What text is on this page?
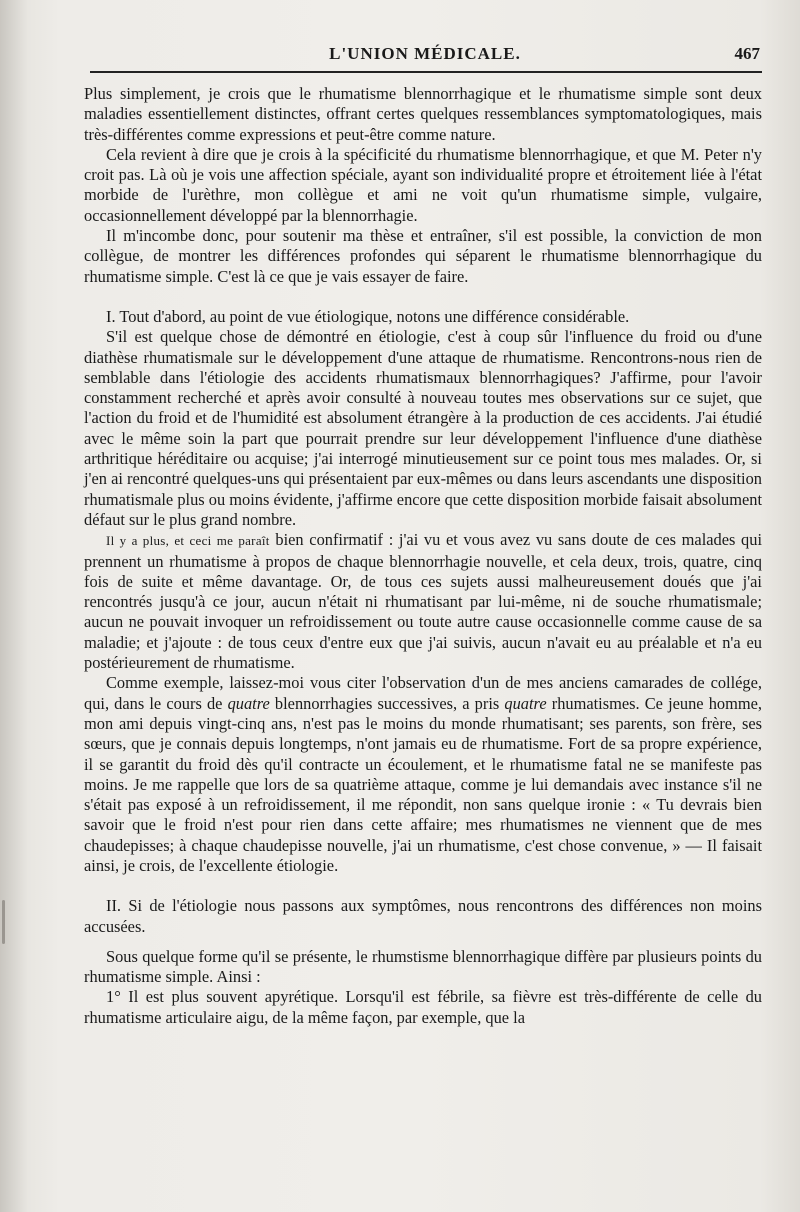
L'UNION MÉDICALE.	467

Plus simplement, je crois que le rhumatisme blennorrhagique et le rhumatisme simple sont deux maladies essentiellement distinctes, offrant certes quelques ressemblances symptomatologiques, mais très-différentes comme expressions et peut-être comme nature.

Cela revient à dire que je crois à la spécificité du rhumatisme blennorrhagique, et que M. Peter n'y croit pas. Là où je vois une affection spéciale, ayant son individualité propre et étroitement liée à l'état morbide de l'urèthre, mon collègue et ami ne voit qu'un rhumatisme simple, vulgaire, occasionnellement développé par la blennorrhagie.

Il m'incombe donc, pour soutenir ma thèse et entraîner, s'il est possible, la conviction de mon collègue, de montrer les différences profondes qui séparent le rhumatisme blennorrhagique du rhumatisme simple. C'est là ce que je vais essayer de faire.

I. Tout d'abord, au point de vue étiologique, notons une différence considérable.

S'il est quelque chose de démontré en étiologie, c'est à coup sûr l'influence du froid ou d'une diathèse rhumatismale sur le développement d'une attaque de rhumatisme. Rencontrons-nous rien de semblable dans l'étiologie des accidents rhumatismaux blennorrhagiques? J'affirme, pour l'avoir constamment recherché et après avoir consulté à nouveau toutes mes observations sur ce sujet, que l'action du froid et de l'humidité est absolument étrangère à la production de ces accidents. J'ai étudié avec le même soin la part que pourrait prendre sur leur développement l'influence d'une diathèse arthritique héréditaire ou acquise; j'ai interrogé minutieusement sur ce point tous mes malades. Or, si j'en ai rencontré quelques-uns qui présentaient par eux-mêmes ou dans leurs ascendants une disposition rhumatismale plus ou moins évidente, j'affirme encore que cette disposition morbide faisait absolument défaut sur le plus grand nombre.

Il y a plus, et ceci me paraît bien confirmatif : j'ai vu et vous avez vu sans doute de ces malades qui prennent un rhumatisme à propos de chaque blennorrhagie nouvelle, et cela deux, trois, quatre, cinq fois de suite et même davantage. Or, de tous ces sujets aussi malheureusement doués que j'ai rencontrés jusqu'à ce jour, aucun n'était ni rhumatisant par lui-même, ni de souche rhumatismale; aucun ne pouvait invoquer un refroidissement ou toute autre cause occasionnelle comme cause de sa maladie; et j'ajoute : de tous ceux d'entre eux que j'ai suivis, aucun n'avait eu au préalable et n'a eu postérieurement de rhumatisme.

Comme exemple, laissez-moi vous citer l'observation d'un de mes anciens camarades de collége, qui, dans le cours de quatre blennorrhagies successives, a pris quatre rhumatismes. Ce jeune homme, mon ami depuis vingt-cinq ans, n'est pas le moins du monde rhumatisant; ses parents, son frère, ses sœurs, que je connais depuis longtemps, n'ont jamais eu de rhumatisme. Fort de sa propre expérience, il se garantit du froid dès qu'il contracte un écoulement, et le rhumatisme fatal ne se manifeste pas moins. Je me rappelle que lors de sa quatrième attaque, comme je lui demandais avec instance s'il ne s'était pas exposé à un refroidissement, il me répondit, non sans quelque ironie : « Tu devrais bien savoir que le froid n'est pour rien dans cette affaire; mes rhumatismes ne viennent que de mes chaudepisses; à chaque chaudepisse nouvelle, j'ai un rhumatisme, c'est chose convenue, » — Il faisait ainsi, je crois, de l'excellente étiologie.

II. Si de l'étiologie nous passons aux symptômes, nous rencontrons des différences non moins accusées.

Sous quelque forme qu'il se présente, le rhumstisme blennorrhagique diffère par plusieurs points du rhumatisme simple. Ainsi :

1° Il est plus souvent apyrétique. Lorsqu'il est fébrile, sa fièvre est très-différente de celle du rhumatisme articulaire aigu, de la même façon, par exemple, que la
